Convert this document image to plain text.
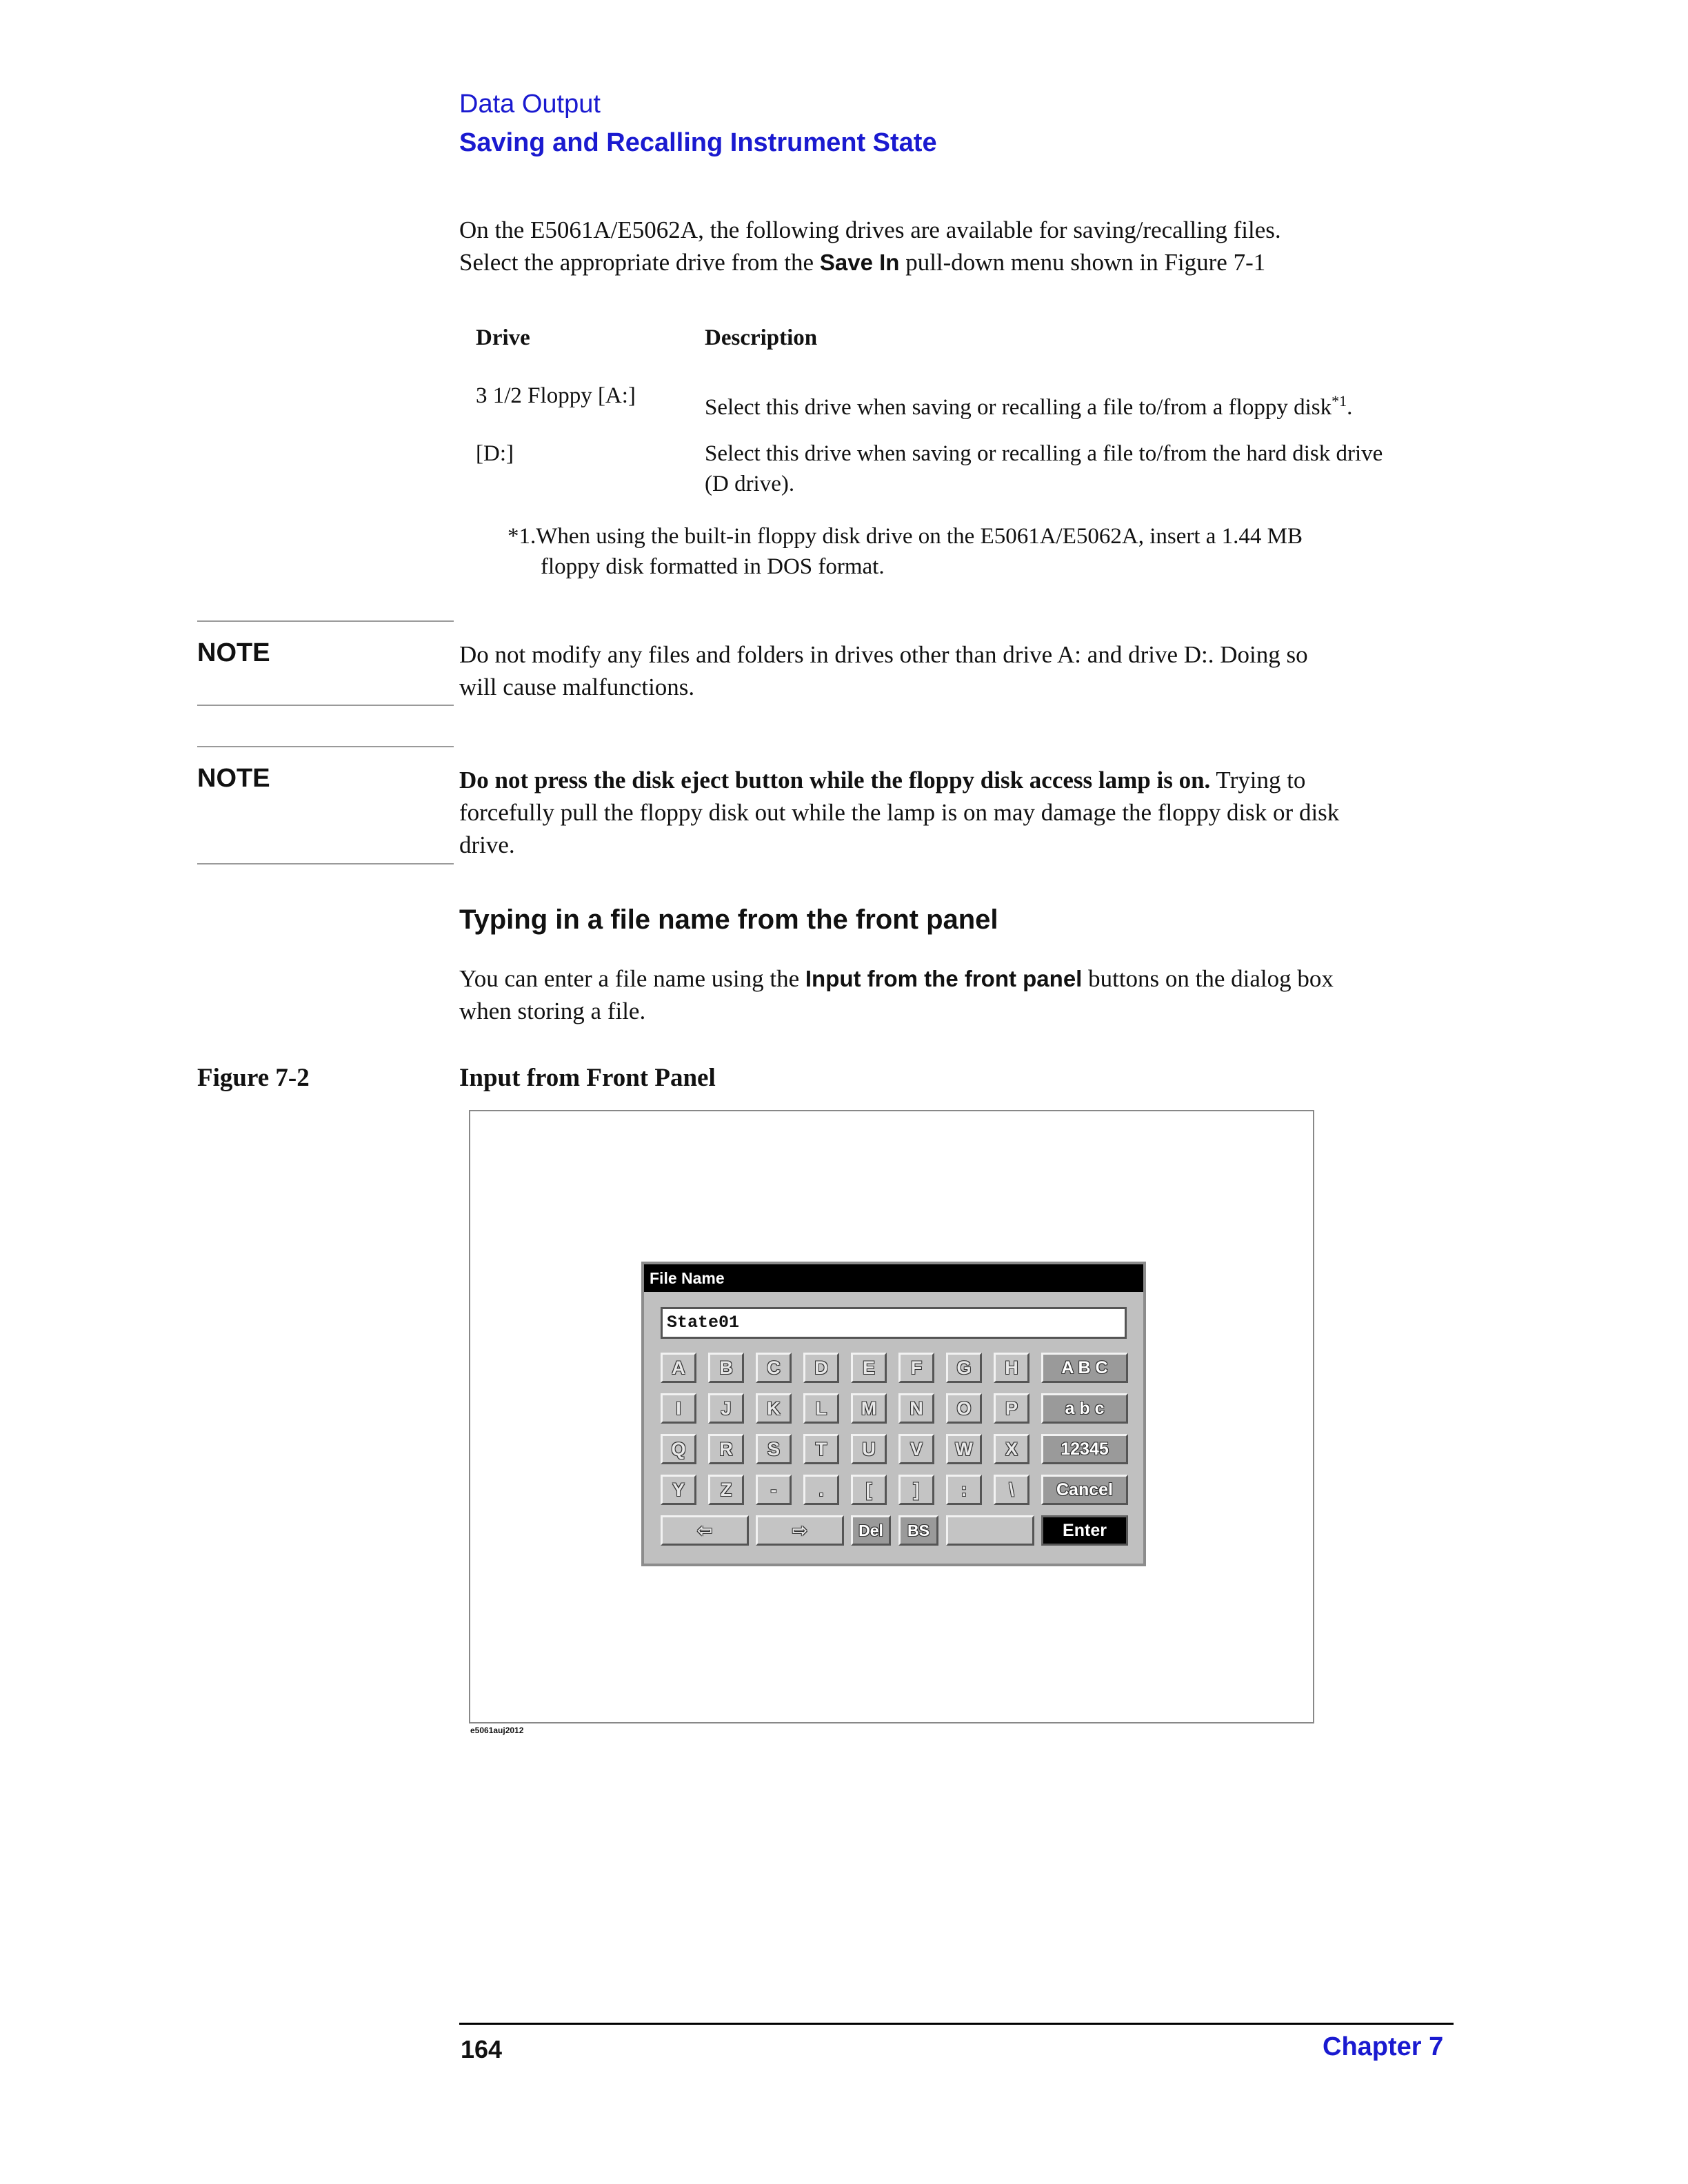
Data Output
Saving and Recalling Instrument State
On the E5061A/E5062A, the following drives are available for saving/recalling files.
Select the appropriate drive from the Save In pull-down menu shown in Figure 7-1
Drive	Description
3 1/2 Floppy [A:]	Select this drive when saving or recalling a file to/from a floppy disk$^{*1}$.
[D:]	Select this drive when saving or recalling a file to/from the hard disk drive
(D drive).
*1.When using the built-in floppy disk drive on the E5061A/E5062A, insert a 1.44 MB
floppy disk formatted in DOS format.
NOTE	Do not modify any files and folders in drives other than drive A: and drive D:. Doing so
will cause malfunctions.
NOTE	Do not press the disk eject button while the floppy disk access lamp is on. Trying to
forcefully pull the floppy disk out while the lamp is on may damage the floppy disk or disk
drive.
Typing in a file name from the front panel
You can enter a file name using the Input from the front panel buttons on the dialog box
when storing a file.
Figure 7-2	Input from Front Panel
e5061auj2012
File Name
State01
A	B	C	D	E	F	G	H	A B C
I	J	K	L	M	N	O	P	a b c
Q	R	S	T	U	V	W	X	12345
Y	Z	-	.	[	]	:	\	Cancel
⇦	⇨	Del	BS	Enter
164	Chapter 7
